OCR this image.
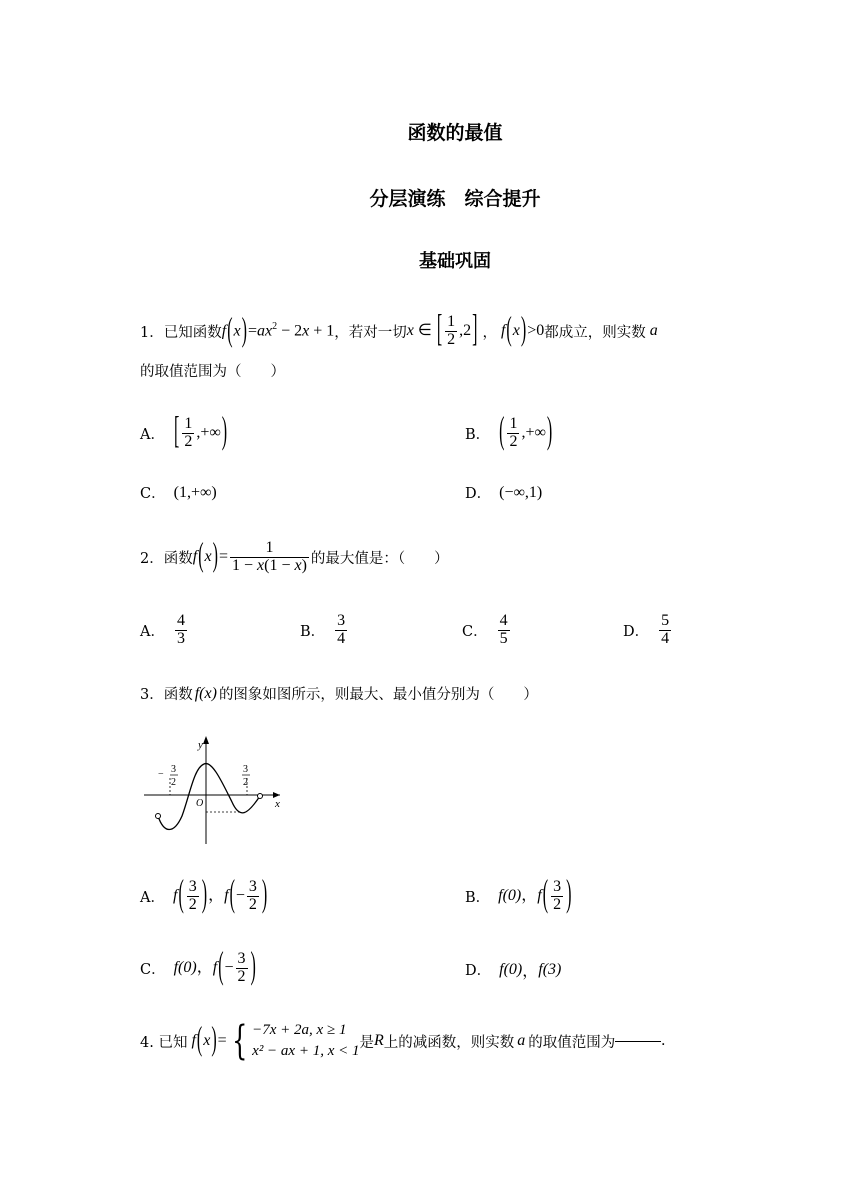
函数的最值
分层演练　综合提升
基础巩固
1．已知函数 $f(x)=ax^2 - 2x + 1$ ，若对一切 x ∈ [ $\frac{1}{2} ,2$] ， f(x)>0 都成立，则实数 a
的取值范围为（　　）
A． [ $\frac{1}{2}$ ,+∞)	B． ( $\frac{1}{2}$ ,+∞)
C． (1,+∞)	D． (−∞,1)
2．函数 $f(x)= \frac{1}{1 - x(1 - x)}$ 的最大值是：（　　）
A． $\frac{4}{3}$	B． $\frac{3}{4}$	C． $\frac{4}{5}$	D． $\frac{5}{4}$
3．函数 f(x) 的图象如图所示，则最大、最小值分别为（　　）
y
x
O
− 3
2
3
2
A． $f( \frac{3}{2}$ )，$f(- \frac{3}{2}$ )	B． f(0) ，$f( \frac{3}{2}$ )
C． f(0) ，$f(- \frac{3}{2}$ )	D． f(0) ， f(3)
4. 已知 f(x)= { −7x + 2a, x ≥ 1
x² − ax + 1, x < 1
是 R 上的减函数，则实数 a 的取值范围为	.
